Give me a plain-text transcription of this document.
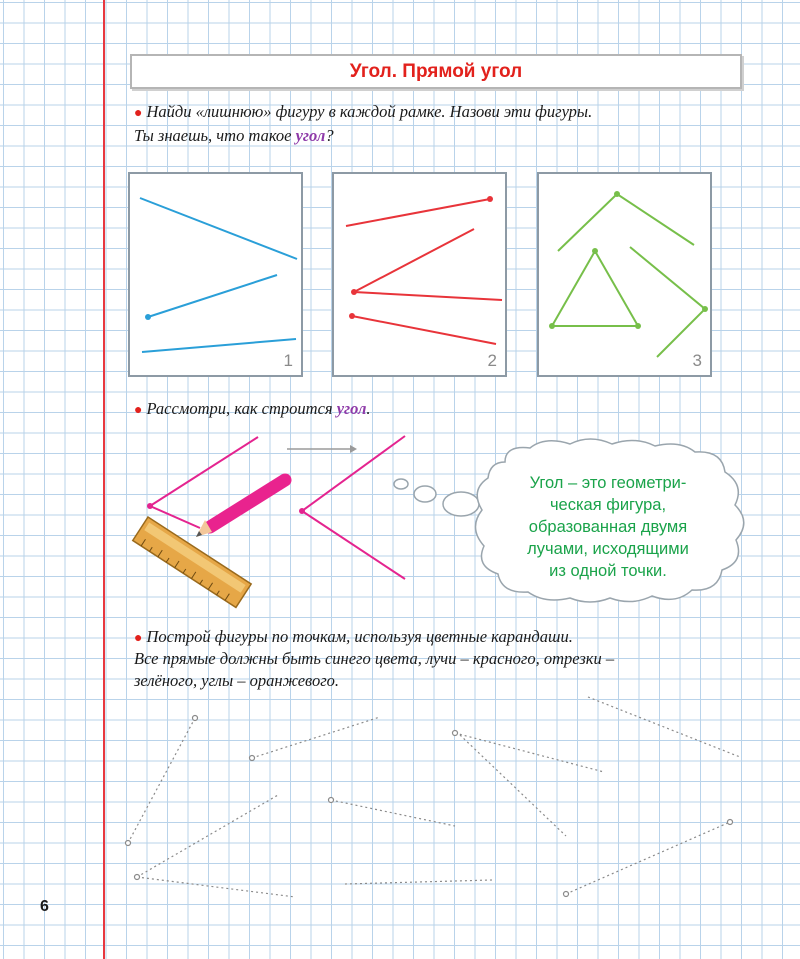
Угол. Прямой угол
● Найди «лишнюю» фигуру в каждой рамке. Назови эти фигуры.
Ты знаешь, что такое угол?
1	2	3
● Рассмотри, как строится угол.
Угол – это геометри-
ческая фигура,
образованная двумя
лучами, исходящими
из одной точки.
● Построй фигуры по точкам, используя цветные карандаши.
Все прямые должны быть синего цвета, лучи – красного, отрезки –
зелёного, углы – оранжевого.
6
